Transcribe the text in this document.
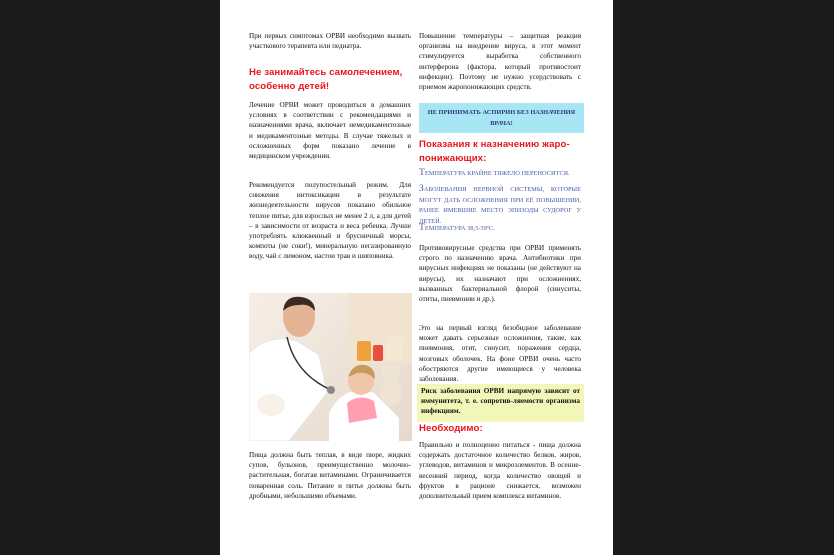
При первых симптомах ОРВИ необходимо вызвать участкового терапевта или педиатра.

Не занимайтесь самолечением, особенно детей!

Лечение ОРВИ может проводиться в домашних условиях в соответствии с рекомендациями и назначениями врача, включает немедикаментозные и медикаментозные методы. В случае тяжелых и осложненных форм показано лечение в медицинском учреждении.

Рекомендуется полупостельный режим. Для снижения интоксикации в результате жизнедеятельности вирусов показано обильное теплое питье, для взрослых не менее 2 л, а для детей – в зависимости от возраста и веса ребенка. Лучше употреблять клюквенный и брусничный морсы, компоты (не соки!), минеральную негазированную воду, чай с лимоном, настои трав и шиповника.

Пища должна быть теплая, в виде пюре, жидких супов, бульонов, преимущественно молочно-растительная, богатая витаминами. Ограничивается поваренная соль. Питание и питье должны быть дробными, небольшими объемами.

Повышение температуры – защитная реакция организма на внедрение вируса, в этот момент стимулируется выработка собственного интерферона (фактора, который противостоит инфекции). Поэтому не нужно усердствовать с приемом жаропонижающих средств.

НЕ ПРИНИМАТЬ АСПИРИН БЕЗ НАЗНАЧЕНИЯ ВРАЧА!

Показания к назначению жаро-понижающих:

ТЕМПЕРАТУРА КРАЙНЕ ТЯЖЕЛО ПЕРЕНОСИТСЯ.

ЗАБОЛЕВАНИЯ НЕРВНОЙ СИСТЕМЫ, КОТОРЫЕ МОГУТ ДАТЬ ОСЛОЖНЕНИЯ ПРИ ЕЁ ПОВЫШЕНИИ, РАНЕЕ ИМЕВШИЕ МЕСТО ЭПИЗОДЫ СУДОРОГ У ДЕТЕЙ.

ТЕМПЕРАТУРА 38,5-39ºС.

Противовирусные средства при ОРВИ применять строго по назначению врача. Антибиотики при вирусных инфекциях не показаны (не действуют на вирусы), их назначают при осложнениях, вызванных бактериальной флорой (синуситы, отиты, пневмонии и др.).

Это на первый взгляд безобидное заболевание может давать серьезные осложнения, такие, как пневмония, отит, синусит, поражения сердца, мозговых оболочек. На фоне ОРВИ очень часто обостряются другие имеющиеся у человека заболевания.

Риск заболевания ОРВИ напрямую зависит от иммунитета, т. е. сопротив-ляемости организма инфекциям.

Необходимо:

Правильно и полноценно питаться - пища должна содержать достаточное количество белков, жиров, углеводов, витаминов и микроэлементов. В осенне-весенний период, когда количество овощей и фруктов в рационе снижается, возможен дополнительный прием комплекса витаминов.
